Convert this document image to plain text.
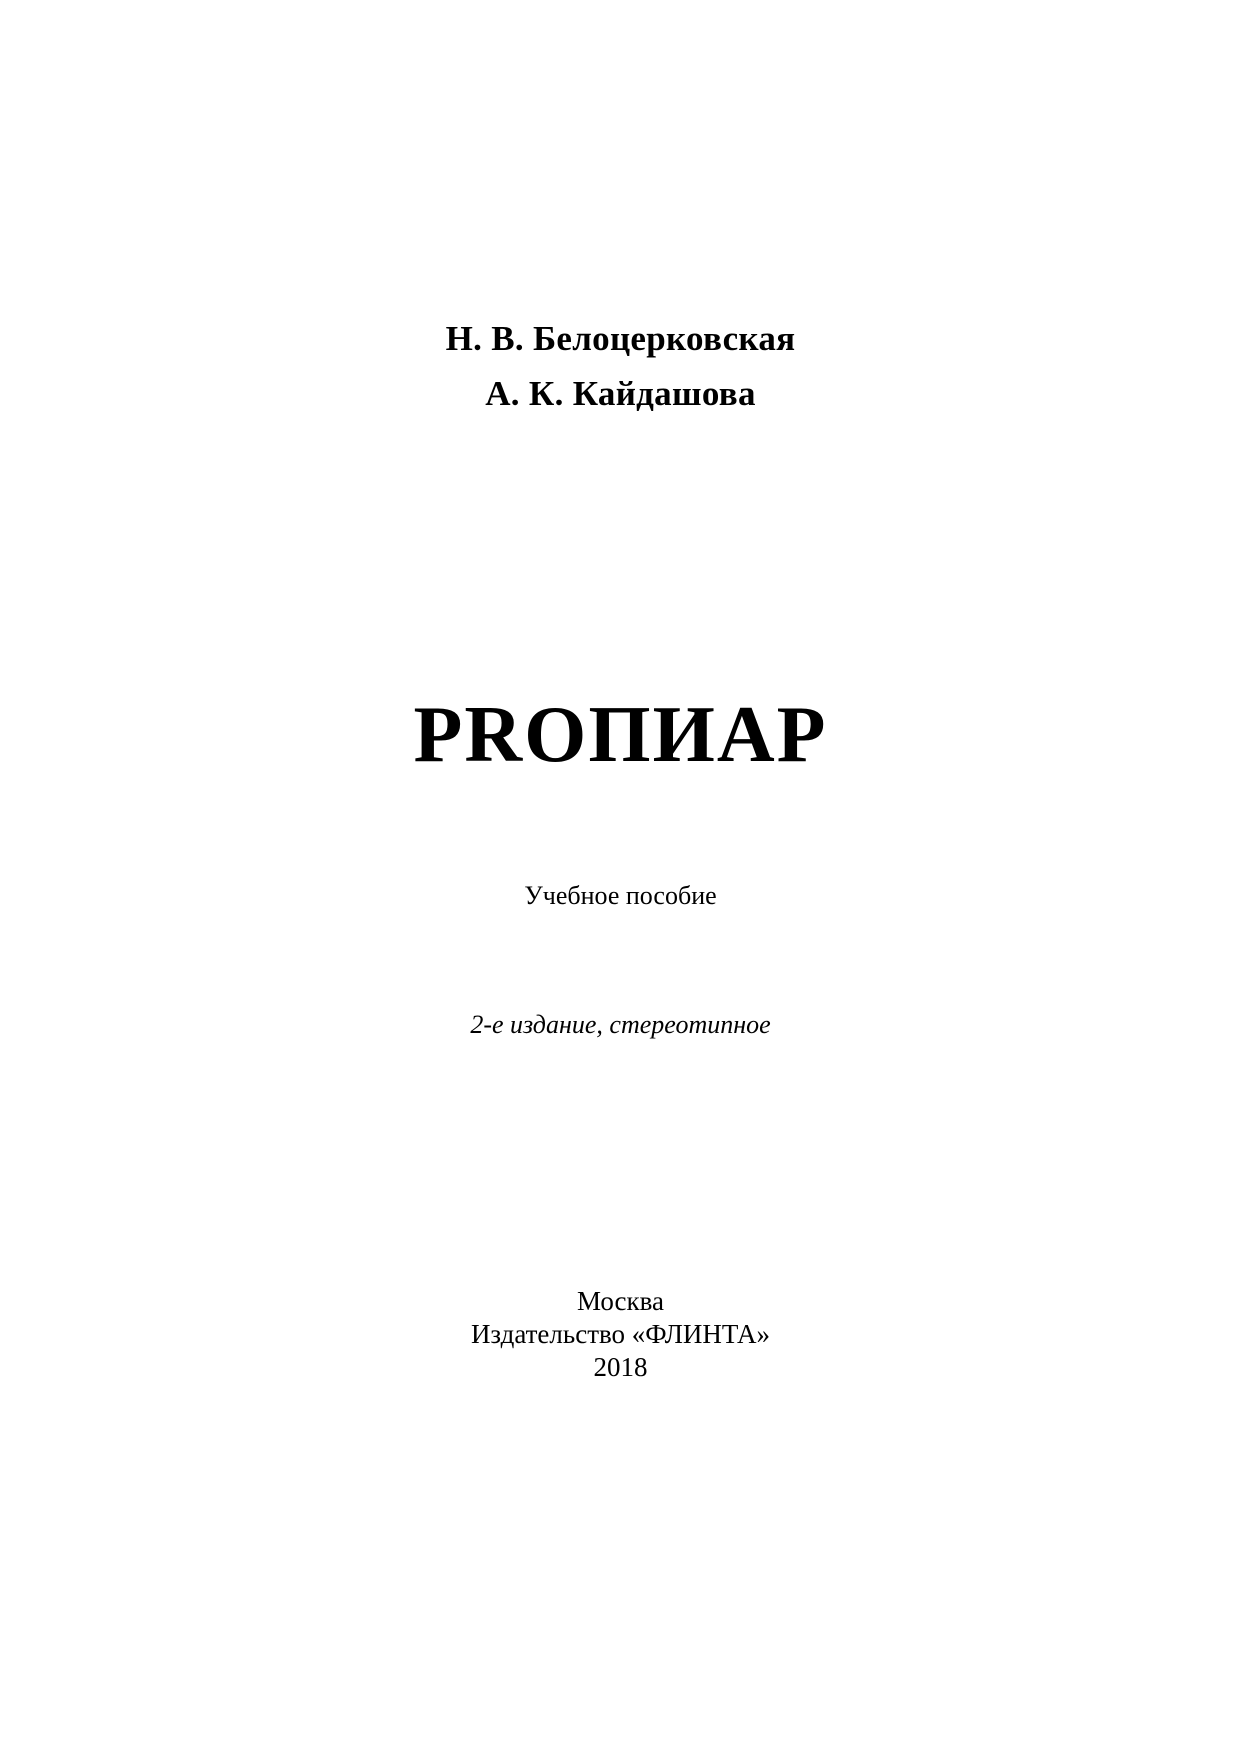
Н. В. Белоцерковская
А. К. Кайдашова
PROПИАР
Учебное пособие
2-е издание, стереотипное
Москва
Издательство «ФЛИНТА»
2018
